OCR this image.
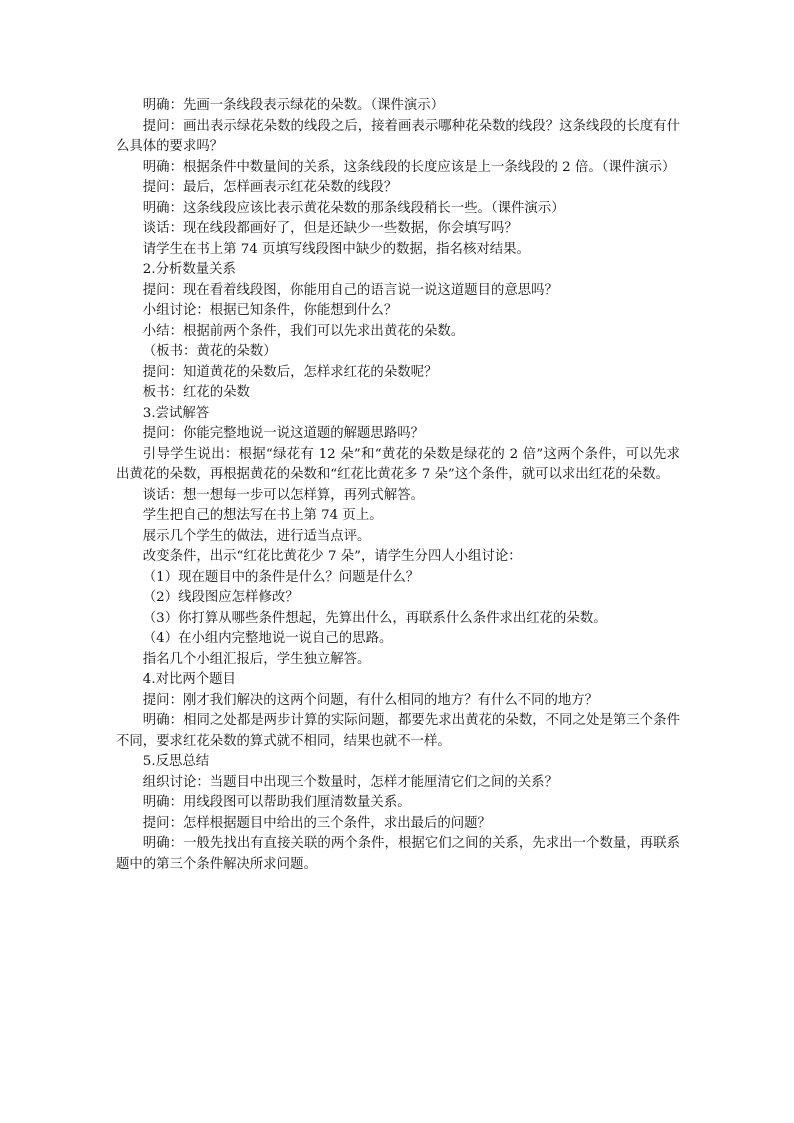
明确：先画一条线段表示绿花的朵数。（课件演示）

提问：画出表示绿花朵数的线段之后，接着画表示哪种花朵数的线段？这条线段的长度有什么具体的要求吗？

明确：根据条件中数量间的关系，这条线段的长度应该是上一条线段的 2 倍。（课件演示）

提问：最后，怎样画表示红花朵数的线段？

明确：这条线段应该比表示黄花朵数的那条线段稍长一些。（课件演示）

谈话：现在线段都画好了，但是还缺少一些数据，你会填写吗？

请学生在书上第 74 页填写线段图中缺少的数据，指名核对结果。

2.分析数量关系

提问：现在看着线段图，你能用自己的语言说一说这道题目的意思吗？

小组讨论：根据已知条件，你能想到什么？

小结：根据前两个条件，我们可以先求出黄花的朵数。

（板书：黄花的朵数）

提问：知道黄花的朵数后，怎样求红花的朵数呢？

板书：红花的朵数

3.尝试解答

提问：你能完整地说一说这道题的解题思路吗？

引导学生说出：根据“绿花有 12 朵”和“黄花的朵数是绿花的 2 倍”这两个条件，可以先求出黄花的朵数，再根据黄花的朵数和“红花比黄花多 7 朵”这个条件，就可以求出红花的朵数。

谈话：想一想每一步可以怎样算，再列式解答。

学生把自己的想法写在书上第 74 页上。

展示几个学生的做法，进行适当点评。

改变条件，出示“红花比黄花少 7 朵”，请学生分四人小组讨论：

（1）现在题目中的条件是什么？问题是什么？

（2）线段图应怎样修改？

（3）你打算从哪些条件想起，先算出什么，再联系什么条件求出红花的朵数。

（4）在小组内完整地说一说自己的思路。

指名几个小组汇报后，学生独立解答。

4.对比两个题目

提问：刚才我们解决的这两个问题，有什么相同的地方？有什么不同的地方？

明确：相同之处都是两步计算的实际问题，都要先求出黄花的朵数，不同之处是第三个条件不同，要求红花朵数的算式就不相同，结果也就不一样。

5.反思总结

组织讨论：当题目中出现三个数量时，怎样才能厘清它们之间的关系？

明确：用线段图可以帮助我们厘清数量关系。

提问：怎样根据题目中给出的三个条件，求出最后的问题？

明确：一般先找出有直接关联的两个条件，根据它们之间的关系，先求出一个数量，再联系题中的第三个条件解决所求问题。
